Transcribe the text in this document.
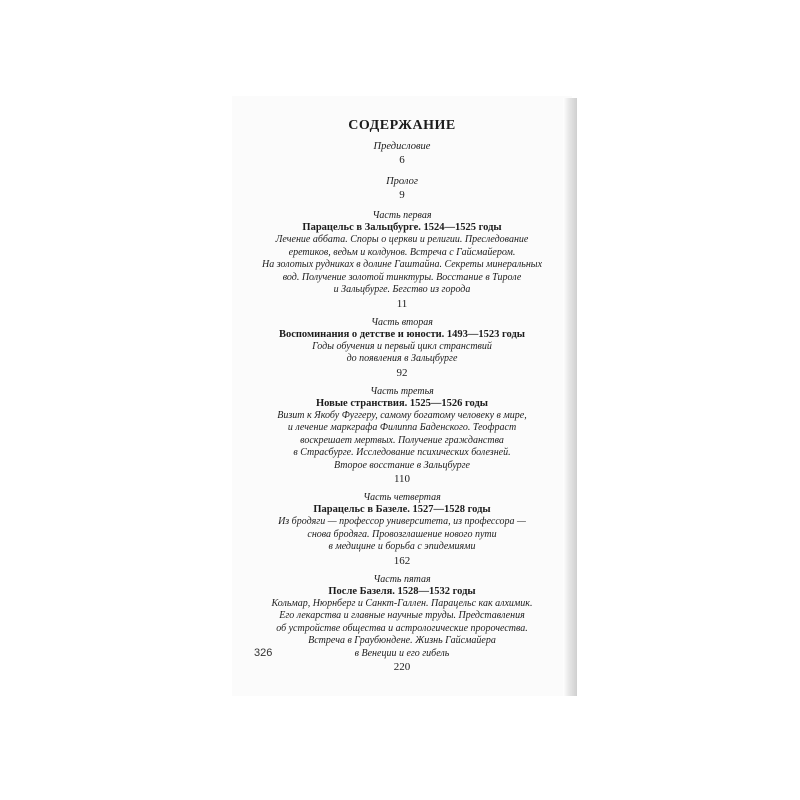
СОДЕРЖАНИЕ
Предисловие
6
Пролог
9
Часть первая
Парацельс в Зальцбурге. 1524—1525 годы
Лечение аббата. Споры о церкви и религии. Преследование
еретиков, ведьм и колдунов. Встреча с Гайсмайером.
На золотых рудниках в долине Гаштайна. Секреты минеральных
вод. Получение золотой тинктуры. Восстание в Тироле
и Зальцбурге. Бегство из города
11
Часть вторая
Воспоминания о детстве и юности. 1493—1523 годы
Годы обучения и первый цикл странствий
до появления в Зальцбурге
92
Часть третья
Новые странствия. 1525—1526 годы
Визит к Якобу Фуггеру, самому богатому человеку в мире,
и лечение маркграфа Филиппа Баденского. Теофраст
воскрешает мертвых. Получение гражданства
в Страсбурге. Исследование психических болезней.
Второе восстание в Зальцбурге
110
Часть четвертая
Парацельс в Базеле. 1527—1528 годы
Из бродяги — профессор университета, из профессора —
снова бродяга. Провозглашение нового пути
в медицине и борьба с эпидемиями
162
Часть пятая
После Базеля. 1528—1532 годы
Кольмар, Нюрнберг и Санкт-Галлен. Парацельс как алхимик.
Его лекарства и главные научные труды. Представления
об устройстве общества и астрологические пророчества.
Встреча в Граубюндене. Жизнь Гайсмайера
в Венеции и его гибель
220
326
